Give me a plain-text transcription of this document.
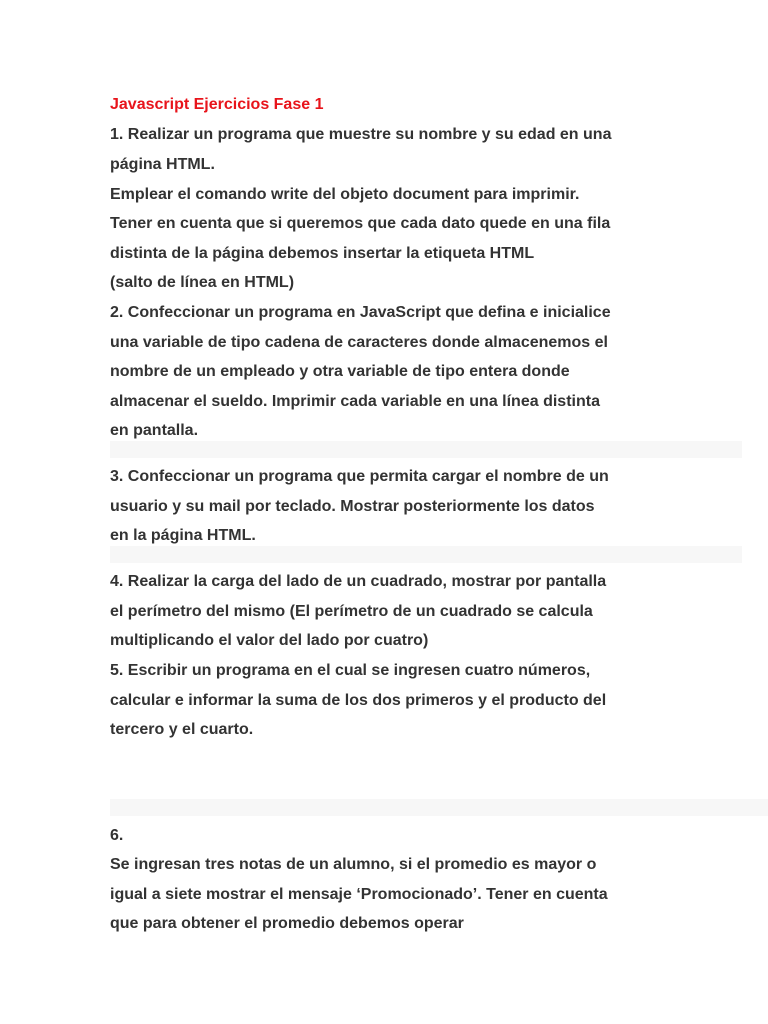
Javascript Ejercicios Fase 1
1. Realizar un programa que muestre su nombre y su edad en una
página HTML.
Emplear el comando write del objeto document para imprimir.
Tener en cuenta que si queremos que cada dato quede en una fila
distinta de la página debemos insertar la etiqueta HTML
(salto de línea en HTML)
2. Confeccionar un programa en JavaScript que defina e inicialice
una variable de tipo cadena de caracteres donde almacenemos el
nombre de un empleado y otra variable de tipo entera donde
almacenar el sueldo. Imprimir cada variable en una línea distinta
en pantalla.
3. Confeccionar un programa que permita cargar el nombre de un
usuario y su mail por teclado. Mostrar posteriormente los datos
en la página HTML.
4. Realizar la carga del lado de un cuadrado, mostrar por pantalla
el perímetro del mismo (El perímetro de un cuadrado se calcula
multiplicando el valor del lado por cuatro)
5. Escribir un programa en el cual se ingresen cuatro números,
calcular e informar la suma de los dos primeros y el producto del
tercero y el cuarto.
6.
Se ingresan tres notas de un alumno, si el promedio es mayor o
igual a siete mostrar el mensaje ‘Promocionado’. Tener en cuenta
que para obtener el promedio debemos operar
